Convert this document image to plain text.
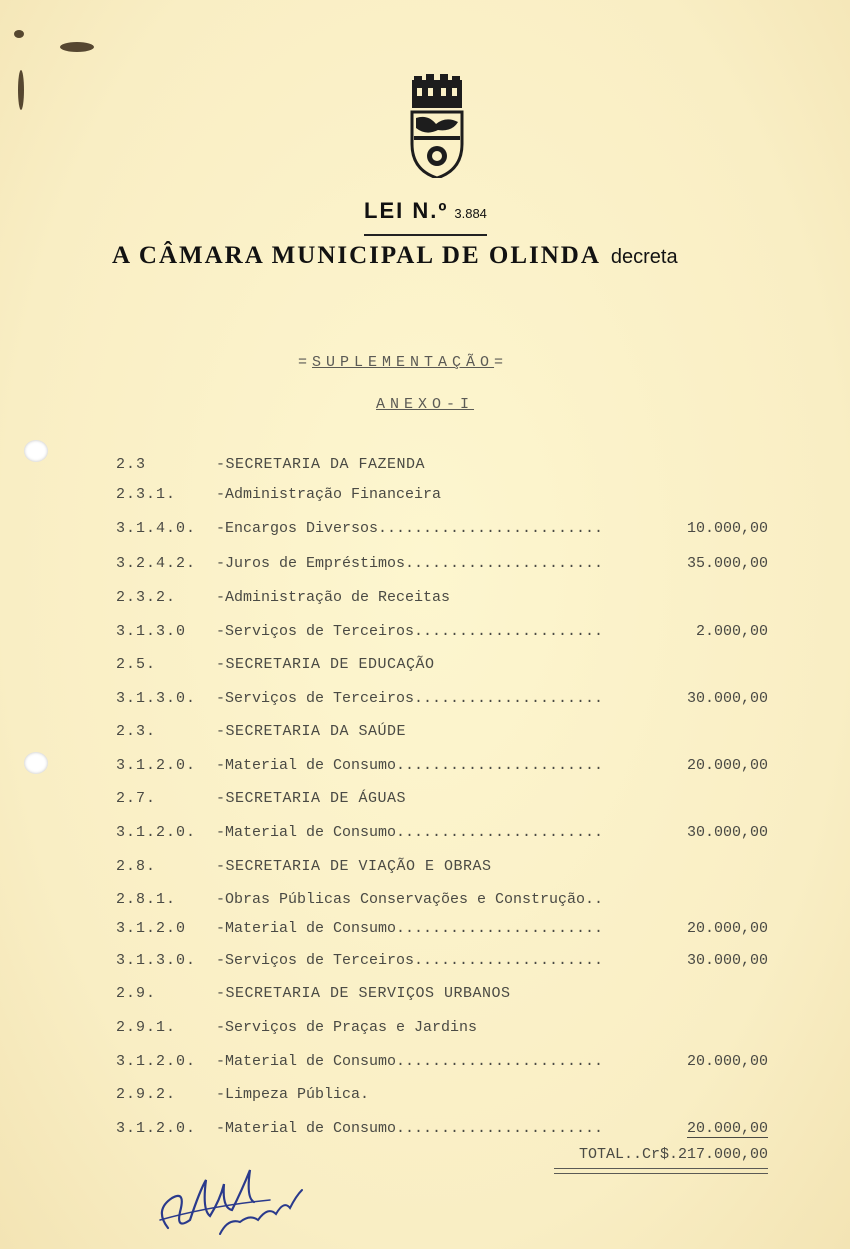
LEI N.º 3.884
A CÂMARA MUNICIPAL DE OLINDA decreta
=SUPLEMENTAÇÃO=
ANEXO-I
2.3	-SECRETARIA DA FAZENDA
2.3.1.	-Administração Financeira
3.1.4.0. -Encargos Diversos.........................	10.000,00
3.2.4.2. -Juros de Empréstimos......................	35.000,00
2.3.2.	-Administração de Receitas
3.1.3.0 -Serviços de Terceiros.....................	2.000,00
2.5.	-SECRETARIA DE EDUCAÇÃO
3.1.3.0. -Serviços de Terceiros.....................	30.000,00
2.3.	-SECRETARIA DA SAÚDE
3.1.2.0. -Material de Consumo.......................	20.000,00
2.7.	-SECRETARIA DE ÁGUAS
3.1.2.0. -Material de Consumo.......................	30.000,00
2.8.	-SECRETARIA DE VIAÇÃO E OBRAS
2.8.1.	-Obras Públicas Conservações e Construção..
3.1.2.0 -Material de Consumo.......................	20.000,00
3.1.3.0. -Serviços de Terceiros.....................	30.000,00
2.9.	-SECRETARIA DE SERVIÇOS URBANOS
2.9.1.	-Serviços de Praças e Jardins
3.1.2.0. -Material de Consumo.......................	20.000,00
2.9.2.	-Limpeza Pública.
3.1.2.0. -Material de Consumo.......................	20.000,00
TOTAL..Cr$.217.000,00
